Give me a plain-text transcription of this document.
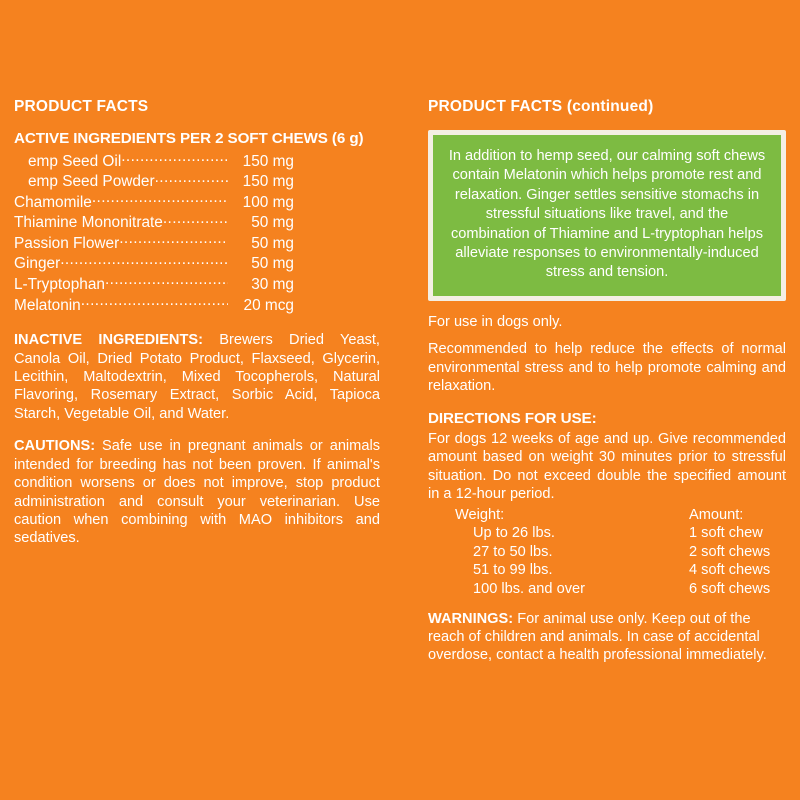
PRODUCT FACTS
ACTIVE INGREDIENTS PER 2 SOFT CHEWS (6 g)
emp Seed Oil .....	150 mg
emp Seed Powder .....	150 mg
Chamomile .....	100 mg
Thiamine Mononitrate .....	50 mg
Passion Flower .....	50 mg
Ginger .....	50 mg
L-Tryptophan .....	30 mg
Melatonin .....	20 mcg

INACTIVE INGREDIENTS: Brewers Dried Yeast, Canola Oil, Dried Potato Product, Flaxseed, Glycerin, Lecithin, Maltodextrin, Mixed Tocopherols, Natural Flavoring, Rosemary Extract, Sorbic Acid, Tapioca Starch, Vegetable Oil, and Water.

CAUTIONS: Safe use in pregnant animals or animals intended for breeding has not been proven. If animal's condition worsens or does not improve, stop product administration and consult your veterinarian. Use caution when combining with MAO inhibitors and sedatives.

PRODUCT FACTS (continued)

In addition to hemp seed, our calming soft chews contain Melatonin which helps promote rest and relaxation. Ginger settles sensitive stomachs in stressful situations like travel, and the combination of Thiamine and L-tryptophan helps alleviate responses to environmentally-induced stress and tension.

For use in dogs only.

Recommended to help reduce the effects of normal environmental stress and to help promote calming and relaxation.

DIRECTIONS FOR USE:

For dogs 12 weeks of age and up. Give recommended amount based on weight 30 minutes prior to stressful situation. Do not exceed double the specified amount in a 12-hour period.

Weight:	Amount:
Up to 26 lbs.	1 soft chew
27 to 50 lbs.	2 soft chews
51 to 99 lbs.	4 soft chews
100 lbs. and over	6 soft chews

WARNINGS: For animal use only. Keep out of the reach of children and animals. In case of accidental overdose, contact a health professional immediately.
